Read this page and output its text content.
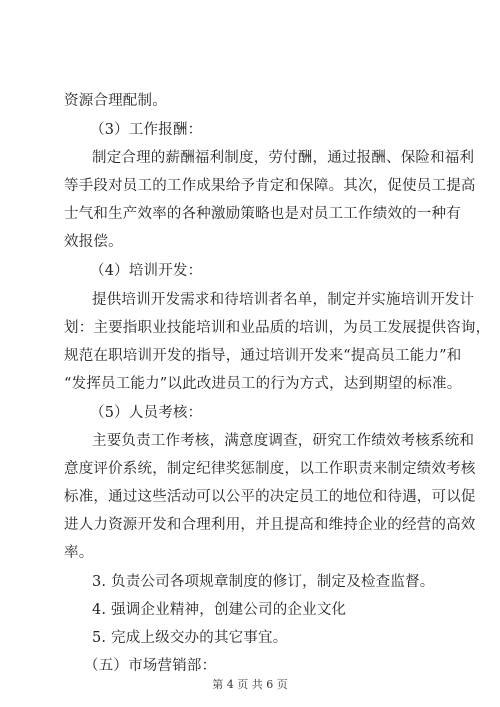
资源合理配制。
（3）工作报酬：
制定合理的薪酬福利制度，劳付酬，通过报酬、保险和福利
等手段对员工的工作成果给予肯定和保障。其次，促使员工提高
士气和生产效率的各种激励策略也是对员工工作绩效的一种有
效报偿。
（4）培训开发：
提供培训开发需求和待培训者名单，制定并实施培训开发计
划：主要指职业技能培训和业品质的培训，为员工发展提供咨询，
规范在职培训开发的指导，通过培训开发来“提高员工能力”和
“发挥员工能力”以此改进员工的行为方式，达到期望的标准。
（5）人员考核：
主要负责工作考核，满意度调查，研究工作绩效考核系统和
意度评价系统，制定纪律奖惩制度，以工作职责来制定绩效考核
标准，通过这些活动可以公平的决定员工的地位和待遇，可以促
进人力资源开发和合理利用，并且提高和维持企业的经营的高效
率。
3. 负责公司各项规章制度的修订，制定及检查监督。
4. 强调企业精神，创建公司的企业文化
5. 完成上级交办的其它事宜。
（五）市场营销部：
第 4 页 共 6 页
